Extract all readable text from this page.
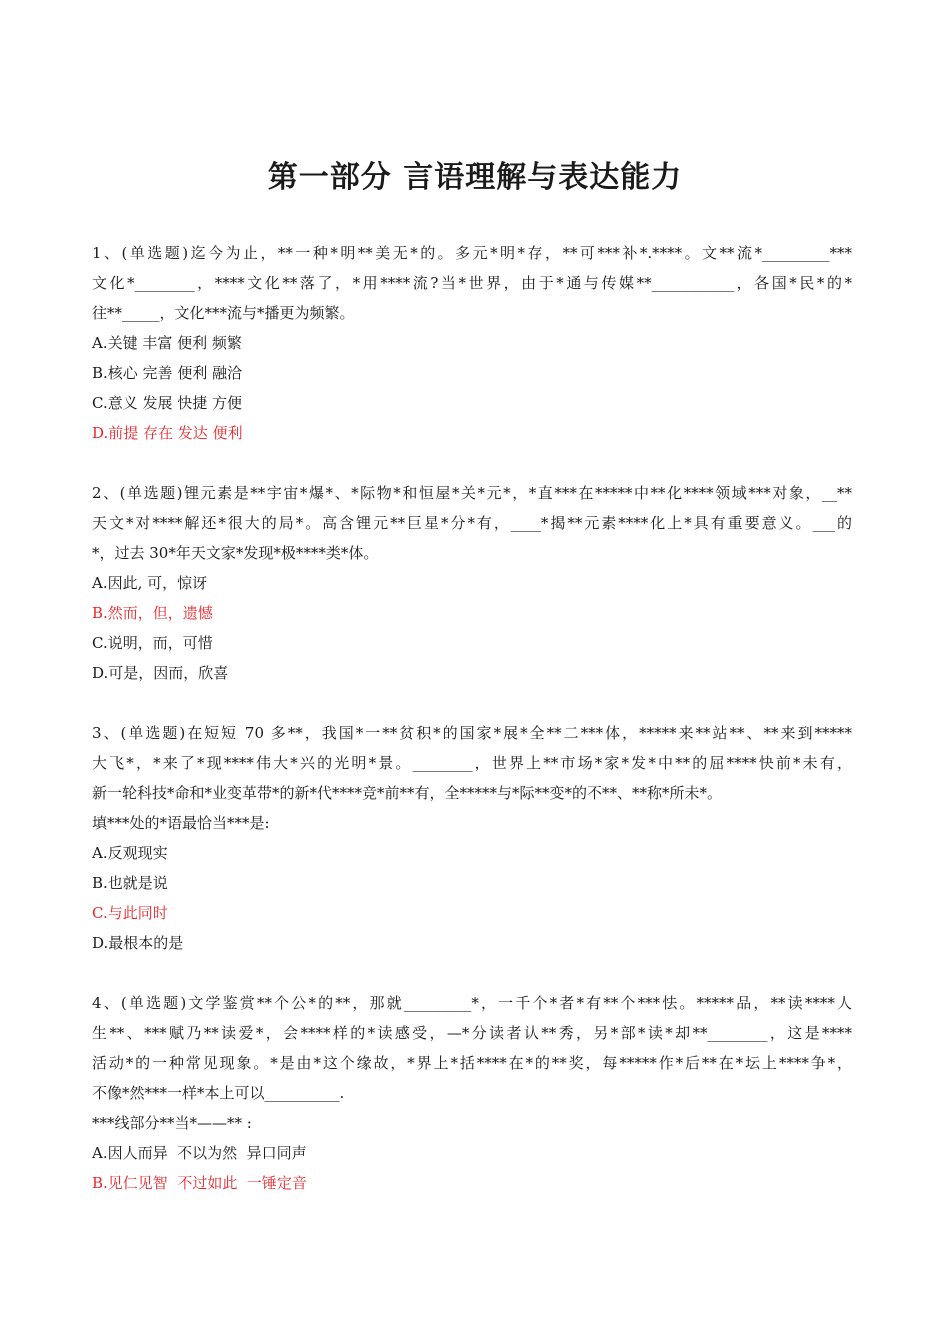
第一部分 言语理解与表达能力
1、(单选题)迄今为止，**一种*明**美无*的。多元*明*存，**可***补*.****。文**流*_________***
文化*________，****文化**落了，*用****流?当*世界，由于*通与传媒**___________，各国*民*的*
往**_____，文化***流与*播更为频繁。
A.关键 丰富 便利 频繁
B.核心 完善 便利 融洽
C.意义 发展 快捷 方便
D.前提 存在 发达 便利
2、(单选题)锂元素是**宇宙*爆*、*际物*和恒屋*关*元*，*直***在*****中**化****领域***对象，__**
天文*对****解还*很大的局*。高含锂元**巨星*分*有，____*揭**元素****化上*具有重要意义。___的
*，过去 30*年天文家*发现*极****类*体。
A.因此, 可，惊讶
B.然而，但，遗憾
C.说明，而，可惜
D.可是，因而，欣喜
3、(单选题)在短短 70 多**，我国*一**贫积*的国家*展*全**二***体，*****来**站**、**来到*****
大飞*，*来了*现****伟大*兴的光明*景。________，世界上**市场*家*发*中**的屈****快前*未有，
新一轮科技*命和*业变革带*的新*代****竞*前**有，全*****与*际**变*的不**、**称*所未*。
填***处的*语最恰当***是:
A.反观现实
B.也就是说
C.与此同时
D.最根本的是
4、(单选题)文学鉴赏**个公*的**，那就_________*，一千个*者*有**个***怯。*****品，**读****人
生**、***赋乃**读爱*，会****样的*读感受，—*分读者认**秀，另*部*读*却**________，这是****
活动*的一种常见现象。*是由*这个缘故，*界上*括****在*的**奖，每*****作*后**在*坛上****争*，
不像*然***一样*本上可以__________.
***线部分**当*——** :
A.因人而异  不以为然  异口同声
B.见仁见智  不过如此  一锤定音
